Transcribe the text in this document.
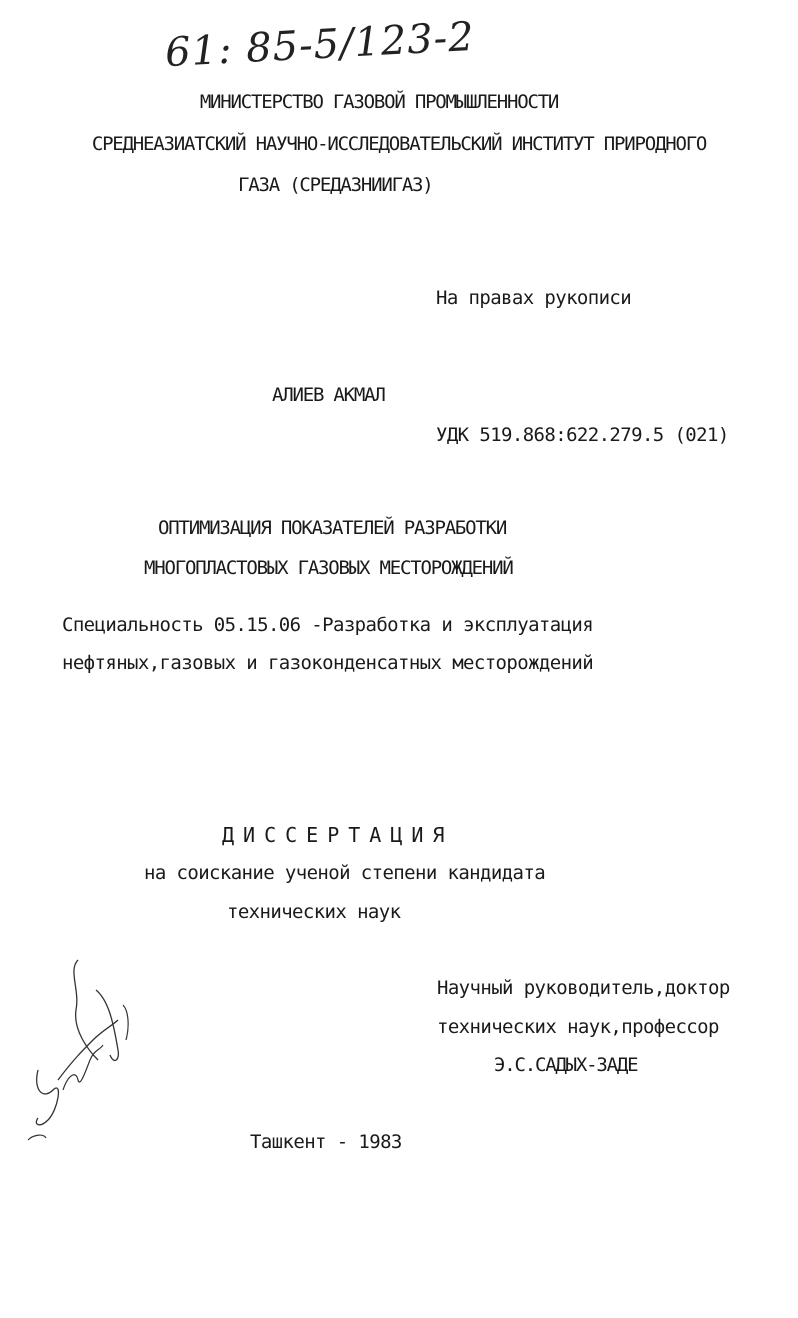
61: 85-5/123-2
МИНИСТЕРСТВО ГАЗОВОЙ ПРОМЫШЛЕННОСТИ
СРЕДНЕАЗИАТСКИЙ НАУЧНО-ИССЛЕДОВАТЕЛЬСКИЙ ИНСТИТУТ ПРИРОДНОГО
ГАЗА (СРЕДАЗНИИГАЗ)
На правах рукописи
АЛИЕВ АКМАЛ
УДК 519.868:622.279.5 (021)
ОПТИМИЗАЦИЯ ПОКАЗАТЕЛЕЙ РАЗРАБОТКИ
МНОГОПЛАСТОВЫХ ГАЗОВЫХ МЕСТОРОЖДЕНИЙ
Специальность 05.15.06 -Разработка и эксплуатация
нефтяных,газовых и газоконденсатных месторождений
ДИССЕРТАЦИЯ
на соискание ученой степени кандидата
технических наук
Научный руководитель,доктор
технических наук,профессор
Э.С.САДЫХ-ЗАДЕ
Ташкент - 1983
